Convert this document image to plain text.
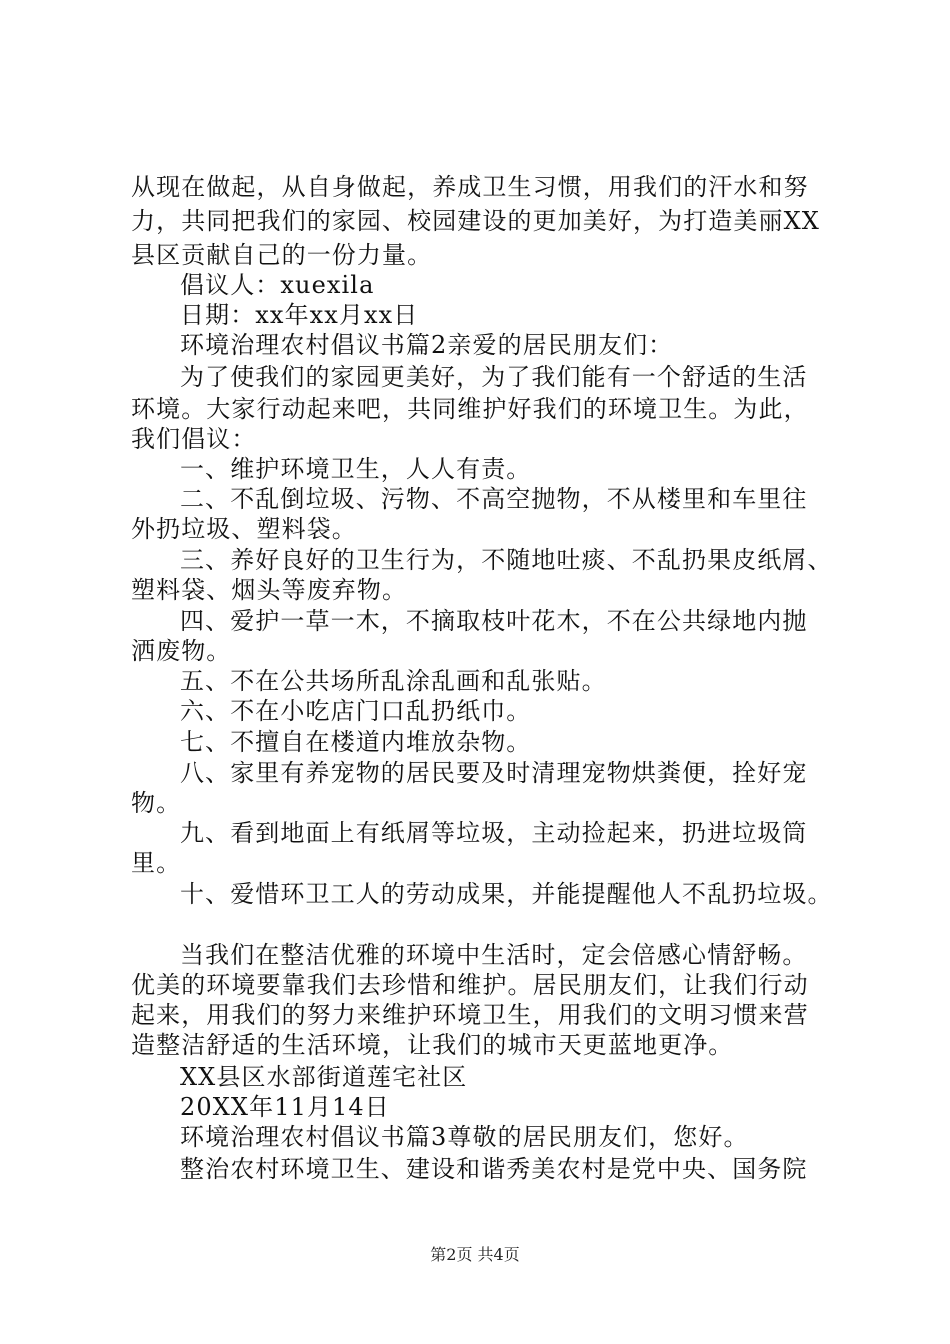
从现在做起，从自身做起，养成卫生习惯，用我们的汗水和努
力，共同把我们的家园、校园建设的更加美好，为打造美丽XX
县区贡献自己的一份力量。
倡议人：xuexila
日期：xx年xx月xx日
环境治理农村倡议书篇2亲爱的居民朋友们：
为了使我们的家园更美好，为了我们能有一个舒适的生活
环境。大家行动起来吧，共同维护好我们的环境卫生。为此，
我们倡议：
一、维护环境卫生，人人有责。
二、不乱倒垃圾、污物、不高空抛物，不从楼里和车里往
外扔垃圾、塑料袋。
三、养好良好的卫生行为，不随地吐痰、不乱扔果皮纸屑、
塑料袋、烟头等废弃物。
四、爱护一草一木，不摘取枝叶花木，不在公共绿地内抛
洒废物。
五、不在公共场所乱涂乱画和乱张贴。
六、不在小吃店门口乱扔纸巾。
七、不擅自在楼道内堆放杂物。
八、家里有养宠物的居民要及时清理宠物烘粪便，拴好宠
物。
九、看到地面上有纸屑等垃圾，主动捡起来，扔进垃圾筒
里。
十、爱惜环卫工人的劳动成果，并能提醒他人不乱扔垃圾。
当我们在整洁优雅的环境中生活时，定会倍感心情舒畅。
优美的环境要靠我们去珍惜和维护。居民朋友们，让我们行动
起来，用我们的努力来维护环境卫生，用我们的文明习惯来营
造整洁舒适的生活环境，让我们的城市天更蓝地更净。
XX县区水部街道莲宅社区
20XX年11月14日
环境治理农村倡议书篇3尊敬的居民朋友们，您好。
整治农村环境卫生、建设和谐秀美农村是党中央、国务院
第2页 共4页
